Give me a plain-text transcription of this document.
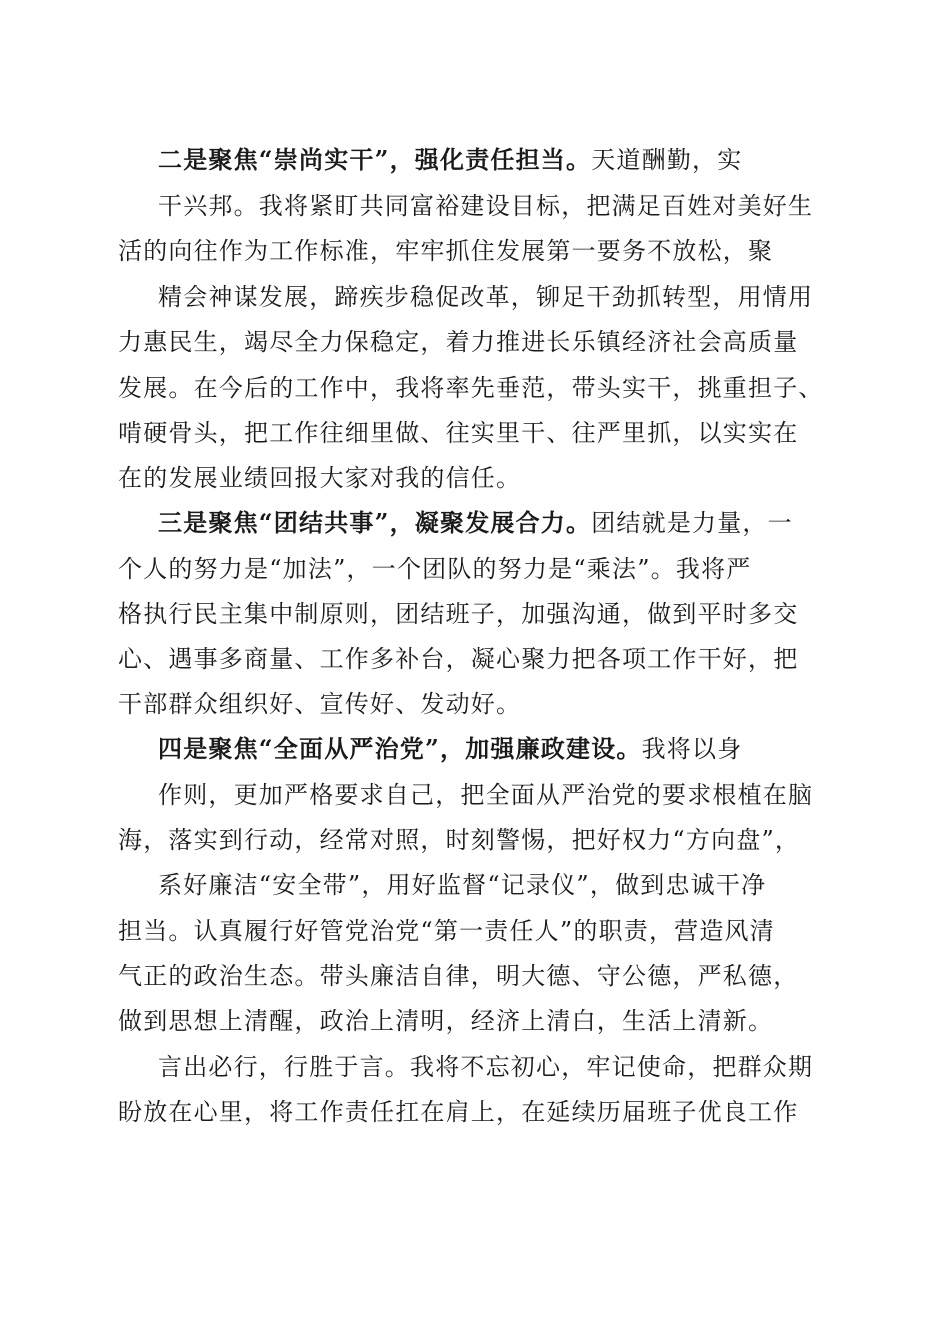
二是聚焦“崇尚实干”，强化责任担当。天道酬勤，实
干兴邦。我将紧盯共同富裕建设目标，把满足百姓对美好生
活的向往作为工作标准，牢牢抓住发展第一要务不放松，聚
精会神谋发展，蹄疾步稳促改革，铆足干劲抓转型，用情用
力惠民生，竭尽全力保稳定，着力推进长乐镇经济社会高质量
发展。在今后的工作中，我将率先垂范，带头实干，挑重担子、
啃硬骨头，把工作往细里做、往实里干、往严里抓，以实实在
在的发展业绩回报大家对我的信任。
三是聚焦“团结共事”，凝聚发展合力。团结就是力量，一
个人的努力是“加法”，一个团队的努力是“乘法”。我将严
格执行民主集中制原则，团结班子，加强沟通，做到平时多交
心、遇事多商量、工作多补台，凝心聚力把各项工作干好，把
干部群众组织好、宣传好、发动好。
四是聚焦“全面从严治党”，加强廉政建设。我将以身
作则，更加严格要求自己，把全面从严治党的要求根植在脑
海，落实到行动，经常对照，时刻警惕，把好权力“方向盘”，
系好廉洁“安全带”，用好监督“记录仪”，做到忠诚干净
担当。认真履行好管党治党“第一责任人”的职责，营造风清
气正的政治生态。带头廉洁自律，明大德、守公德，严私德，
做到思想上清醒，政治上清明，经济上清白，生活上清新。
言出必行，行胜于言。我将不忘初心，牢记使命，把群众期
盼放在心里，将工作责任扛在肩上，在延续历届班子优良工作
